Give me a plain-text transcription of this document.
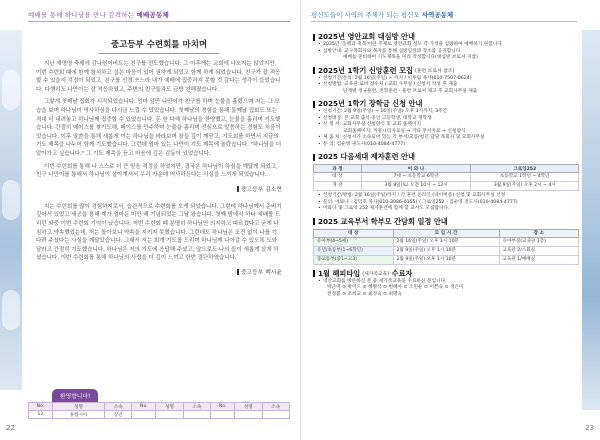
예배를 통해 하나님을 만나 감격하는 예배공동체
중고등부 수련회를 마치며

지난 새명명 축제에 감나헌이버트는 친구를 전도했습니다. 그 이후에는 교회에 나오지는 않았지만, 이번 수련회 때에 함께 참석하고 싶은 마음이 있어 권하게 되었고 함께 하게 되었습니다. 친구가 잘 적응할 수 있을지 걱정이 되었고, 친구를 신경 쓰느라 내가 예배에 집중하지 못할 것 같다는 생각이 들었습니다. 다행히도 나만이는 잘 적응하였고, 주변의 친구들과도 금방 친해졌습니다.

그렇게 첫째날 집회가 시작되었습니다. 엄마 앞만 나만이가 친구를 하며 눈물을 흘렸으며 저는 그 모습을 보며 하나님이 역사하심을 다시금 느낄 수 있었습니다. 첫째날의 경험을 통해 둘째날 집회도 또는 격대 더 내려놓고 하나님께 집중할 수 있었습니다. 돈 한 다해 하나님을 찬양했고, 눈물을 흘리며 기도했습니다. 간절히 예어스를 찾기도해, 페이스를 만주하며 눈물을 흘리며 전심으로 말씀하는 경험도 처음이었습니다. 이후 말씀을 통해 새롭게 이는 하나님을 바라보며 참을 깊이 깨닫고, 기도회를 하면서 지금의 기도 제목을 나누어 함께 기도했습니다. 그런데 엄마 있는 나만이 기도 제목에 놀랐습니다. "하나님을 더 알아가고 싶습니다." 그 기도 제목을 듣고 마음에 깊은 감동이 있었습니다.

이번 수련회를 통해 나 스스로 더 큰 믿음 격정을 하였지만, 결국은 하나님이 하심을 깨달게 되었고, 친구 나만이를 통해서 하나님이 살아계셔서 우리 가운데 역사하신다는 사실을 느끼게 되었습니다.

중고등부 김소현

지는 수련회를 많이 경험하지로서, 습관적으로 수련회를 오게 되었습니다. 그런데 하나님께서 준비기 깊어서 있었고 세공을 통해 제가 얼마든 미만 해 기념되었는 그날 왕습니다. 첫째 밤에서 하나 예배를 드리던 와중 이번 수련회 기억이 났습니다. 저번 수련회 때 분명히 하나님만 의지하고 따르겠다고 굳게 다짐하고 약속했었는데, 저는 돌아보니 약속을 지키지 못했습니다. 그런데도 하나님은 조건 없이 나를 기다려 주셨다는 사실을 깨달았습니다. 그래서 저는 회개 기도를 드리며 하나님께 나아갈 수 있도록 도와달라고 간절히 기도했습니다. 하나님은 저의 기도에 응답해 주셨고, 앞으로도 나의 들이 새롭게 살게 하셨습니다. 이번 수련회를 통해 하나님의 사랑을 더 깊이 느끼고 한번 결단하였습니다.

중고등부 백서윤
환영합니다!
No.	성명	소속	No.	성명	소속	No.	성명	소속
12	홍렘시아	장년						
22
평신도들이 사역의 주체가 되는 평신도 사역공동체
2025년 영안교회 대심방 안내
• 2025년 '동행과 축복'이란 주제로 영안교회 성도 각 가정을 심방하여 예배하기 원합니다.
• 심방안내: 교구목회자와 목자를 통해 심방일정과 장소를 공지합니다.
예배를 준비하여 기도제목을 미리 작성합니다(대심방 브로셔 지참).
2025년 1학기 신앙훈련 모집 (훈련 브로셔 참조)
• 신청기간/문의: 2월 16일(주일) ~ 까지 / 이루림 목사(010-7507-0624)
• 신청방법: 교육관 로비 접수처 / 교회 사무실 / 신청서 작성 후 제출
단계별 정규훈련, 진학훈련 - 훈련 브로셔 제고 후 교회사무실 제출
2025년 1학기 장학금 신청 안내
• 신청기간: 2월 9일(주일) ~ 16일(주일) 오후 3시까지, 3주간
• 신청대상: 본 교회 출석 중인 고등학생, 대학교 재학생
• 신 청 서: 교회사무실 신청양식 및 교회 홈페이지
교회홈페이지: 커뮤니티자료실 → 기타 무서자료 → 신청양식
• 제 출 처: 신청서가 소속되어 있는 각 부서/교동/청년 담당 목회자 및 교회사무실
• 문 의: 김순영 권도사(010-4084-4777)
2025 다음세대 제자훈련 안내
과 정	어 와 나	그로잉252
대 상	7세 ~ 초등학교 6학년	초등학교 1학년 ~ 4학년
개 강	3월 8일(토) 오전 10시 ~ 12시	3월 9일(주일) 오후 2시 ~ 4시
• 신청기간/방법: 2월 16일(주일)까지 / 각 훈련 온라인 (네이버폼) 신청 및 교회사무실 신청
• 문의: 어와나 - 김덕호 목사(010-3086-0155) / 그로잉252 - 김순영 전도사(010-4084-4777)
• 어와나 및 그로잉 252 제자훈련에 함께 할 교사도 모집합니다.
2025 교육부서 학부모 간담회 일정 안내
대 상	모 임 시 간	장 소
유아부(4~5세)	2월 16일(주일) 오후 1시 10분	유아부실(교육관 1층)
유년/초등부(1~6학년)	2월 9일(주일) 오후 1시 10분	교육관 2/소회실
중고등부(중1~고3)	2월 9일(주일) 오후 1시 10분	교육관 1/예배실
1월 해피타임 (새가족교육)
수료자
• 영안교회를 방문하신 분 중 새가족교육을 수료하신 분입니다.
박근영 ⊙ 박이드 ⊙ 혜별석 ⊙ 변혜아 ⊙ 소민운 ⊙ 이쁜숙 ⊙ 정은미
전정불 ⊙ 조희교 ⊙ 최정숙 ⊙ 최명숙
23
